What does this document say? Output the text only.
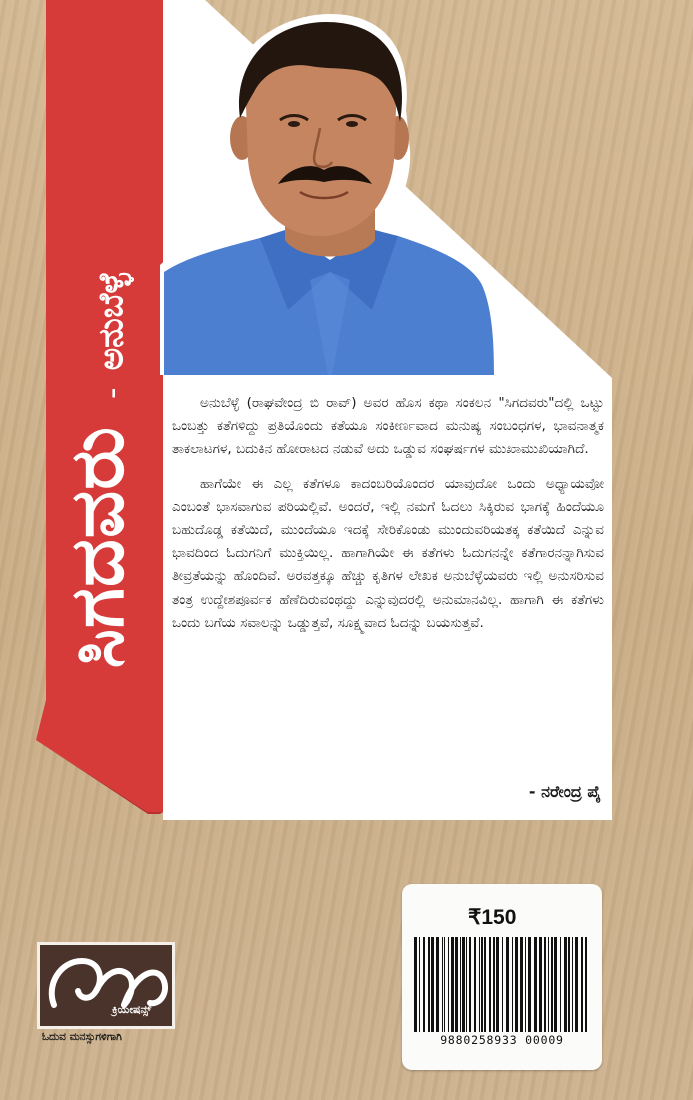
ಸಿಗದವರು - ಅನುಬೆಳ್ಳೆ

ಅನುಬೆಳ್ಳೆ (ರಾಘವೇಂದ್ರ ಬಿ ರಾವ್) ಅವರ ಹೊಸ ಕಥಾ ಸಂಕಲನ "ಸಿಗದವರು"ದಲ್ಲಿ ಒಟ್ಟು ಒಂಬತ್ತು ಕತೆಗಳಿದ್ದು ಪ್ರತಿಯೊಂದು ಕತೆಯೂ ಸಂಕೀರ್ಣವಾದ ಮನುಷ್ಯ ಸಂಬಂಧಗಳ, ಭಾವನಾತ್ಮಕ ತಾಕಲಾಟಗಳ, ಬದುಕಿನ ಹೋರಾಟದ ನಡುವೆ ಅದು ಒಡ್ಡುವ ಸಂಘರ್ಷಗಳ ಮುಖಾಮುಖಿಯಾಗಿದೆ.

ಹಾಗೆಯೇ ಈ ಎಲ್ಲ ಕತೆಗಳೂ ಕಾದಂಬರಿಯೊಂದರ ಯಾವುದೋ ಒಂದು ಅಧ್ಯಾಯವೋ ಎಂಬಂತೆ ಭಾಸವಾಗುವ ಪರಿಯಲ್ಲಿವೆ. ಅಂದರೆ, ಇಲ್ಲಿ ನಮಗೆ ಓದಲು ಸಿಕ್ಕಿರುವ ಭಾಗಕ್ಕೆ ಹಿಂದೆಯೂ ಬಹುದೊಡ್ಡ ಕತೆಯಿದೆ, ಮುಂದೆಯೂ ಇದಕ್ಕೆ ಸೇರಿಕೊಂಡು ಮುಂದುವರಿಯತಕ್ಕ ಕತೆಯಿದೆ ಎನ್ನುವ ಭಾವದಿಂದ ಓದುಗನಿಗೆ ಮುಕ್ತಿಯಿಲ್ಲ. ಹಾಗಾಗಿಯೇ ಈ ಕತೆಗಳು ಓದುಗನನ್ನೇ ಕತೆಗಾರನನ್ನಾಗಿಸುವ ತೀವ್ರತೆಯನ್ನು ಹೊಂದಿವೆ. ಅರವತ್ತಕ್ಕೂ ಹೆಚ್ಚು ಕೃತಿಗಳ ಲೇಖಕ ಅನುಬೆಳ್ಳೆಯವರು ಇಲ್ಲಿ ಅನುಸರಿಸುವ ತಂತ್ರ ಉದ್ದೇಶಪೂರ್ವಕ ಹೆಣೆದಿರುವಂಥದ್ದು ಎನ್ನುವುದರಲ್ಲಿ ಅನುಮಾನವಿಲ್ಲ. ಹಾಗಾಗಿ ಈ ಕತೆಗಳು ಒಂದು ಬಗೆಯ ಸವಾಲನ್ನು ಒಡ್ಡುತ್ತವೆ, ಸೂಕ್ಷ್ಮವಾದ ಓದನ್ನು ಬಯಸುತ್ತವೆ.

- ನರೇಂದ್ರ ಪೈ
₹150
9880258933 00009
ಕ್ರಿಯೇಷನ್ಸ್
ಓದುವ ಮನಸ್ಸುಗಳಿಗಾಗಿ
